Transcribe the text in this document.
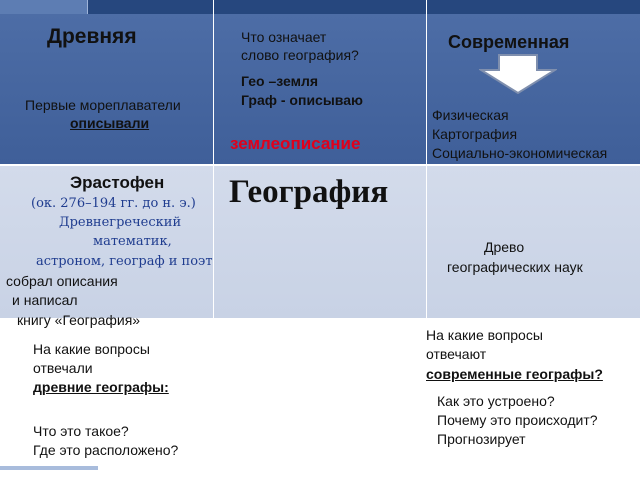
Древняя
Первые мореплаватели
описывали
Что означает
слово география?
Гео –земля
Граф - описываю
землеописание
Современная
Физическая
Картография
Социально-экономическая
Эрастофен
(ок. 276–194 гг. до н. э.)
Древнегреческий
математик,
астроном, географ и поэт
собрал описания
и написал
книгу «География»
География
Древо
географических наук
На какие вопросы
отвечали
древние географы:
Что это такое?
Где это расположено?
На какие вопросы
отвечают
современные географы?
Как это устроено?
Почему это происходит?
Прогнозирует
